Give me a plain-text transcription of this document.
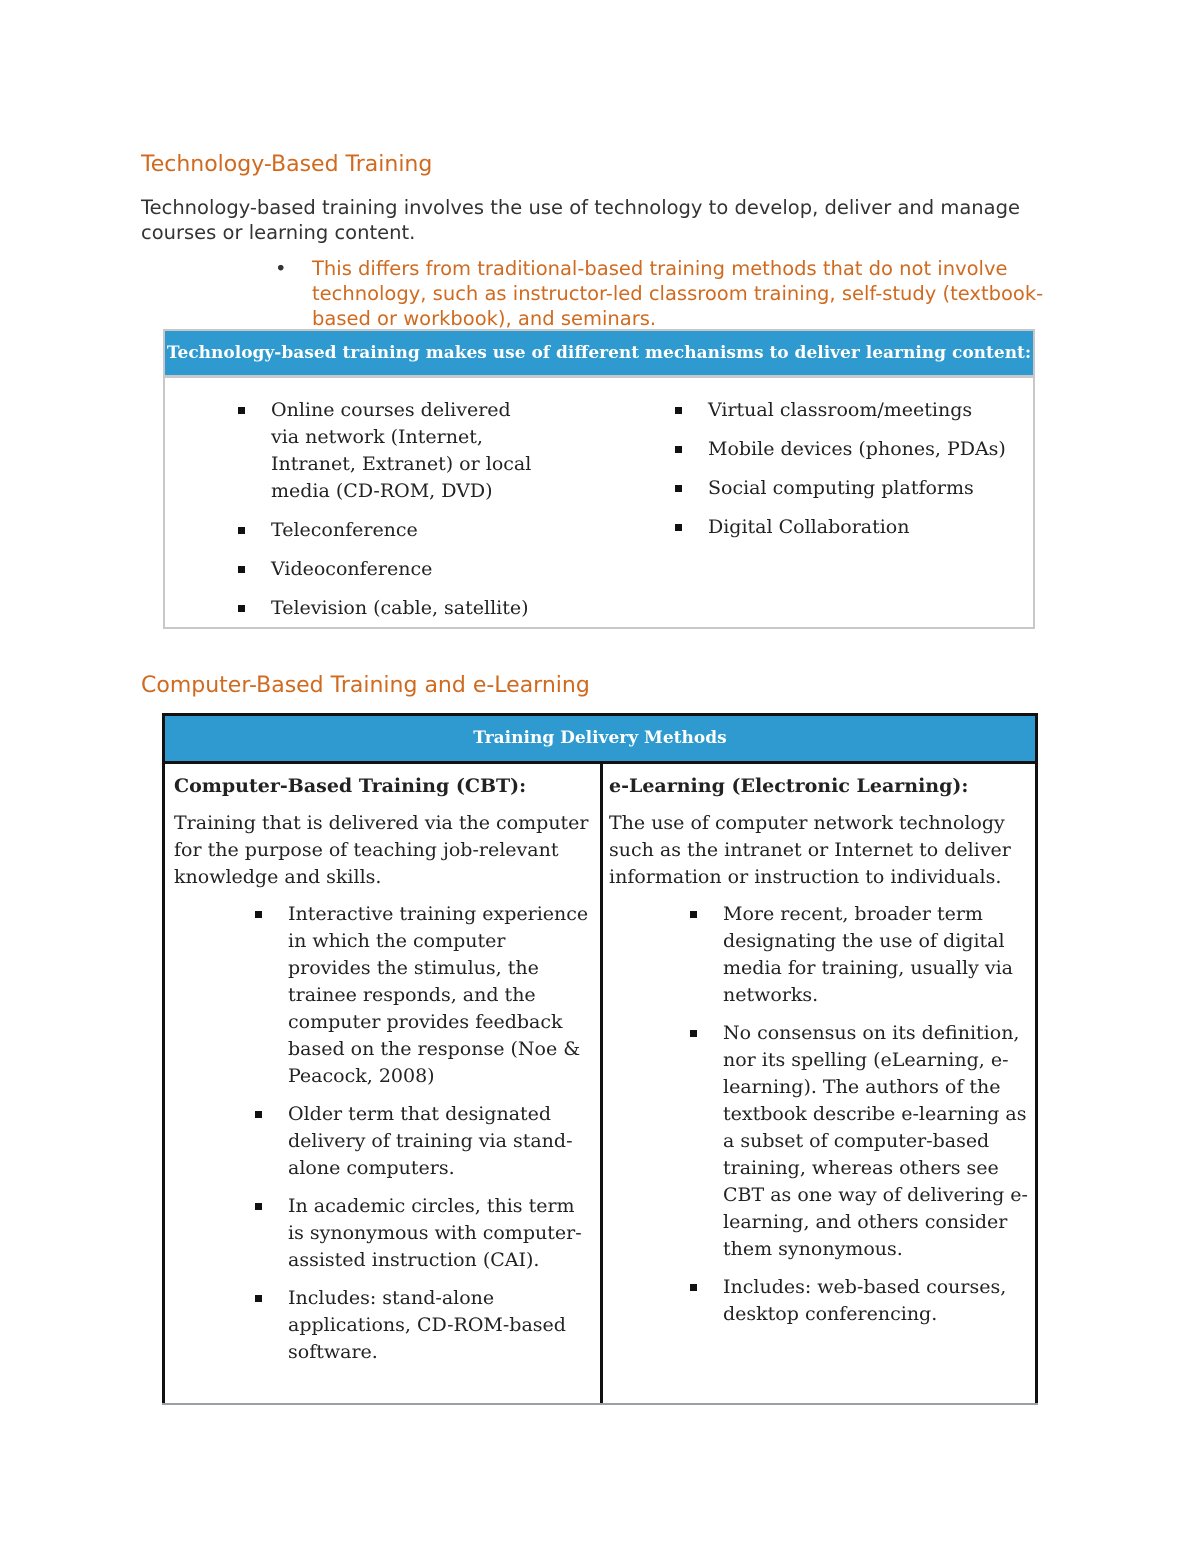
Technology-Based Training
Technology-based training involves the use of technology to develop, deliver and manage courses or learning content.
• This differs from traditional-based training methods that do not involve technology, such as instructor-led classroom training, self-study (textbook-based or workbook), and seminars.
Technology-based training makes use of different mechanisms to deliver learning content:
Online courses delivered via network (Internet, Intranet, Extranet) or local media (CD-ROM, DVD)
Teleconference
Videoconference
Television (cable, satellite)
Virtual classroom/meetings
Mobile devices (phones, PDAs)
Social computing platforms
Digital Collaboration
Computer-Based Training and e-Learning
Training Delivery Methods

Computer-Based Training (CBT):

Training that is delivered via the computer for the purpose of teaching job-relevant knowledge and skills.

Interactive training experience in which the computer provides the stimulus, the trainee responds, and the computer provides feedback based on the response (Noe & Peacock, 2008)
Older term that designated delivery of training via stand-alone computers.
In academic circles, this term is synonymous with computer-assisted instruction (CAI).
Includes: stand-alone applications, CD-ROM-based software.

e-Learning (Electronic Learning):

The use of computer network technology such as the intranet or Internet to deliver information or instruction to individuals.

More recent, broader term designating the use of digital media for training, usually via networks.
No consensus on its definition, nor its spelling (eLearning, e-learning). The authors of the textbook describe e-learning as a subset of computer-based training, whereas others see CBT as one way of delivering e-learning, and others consider them synonymous.
Includes: web-based courses, desktop conferencing.
